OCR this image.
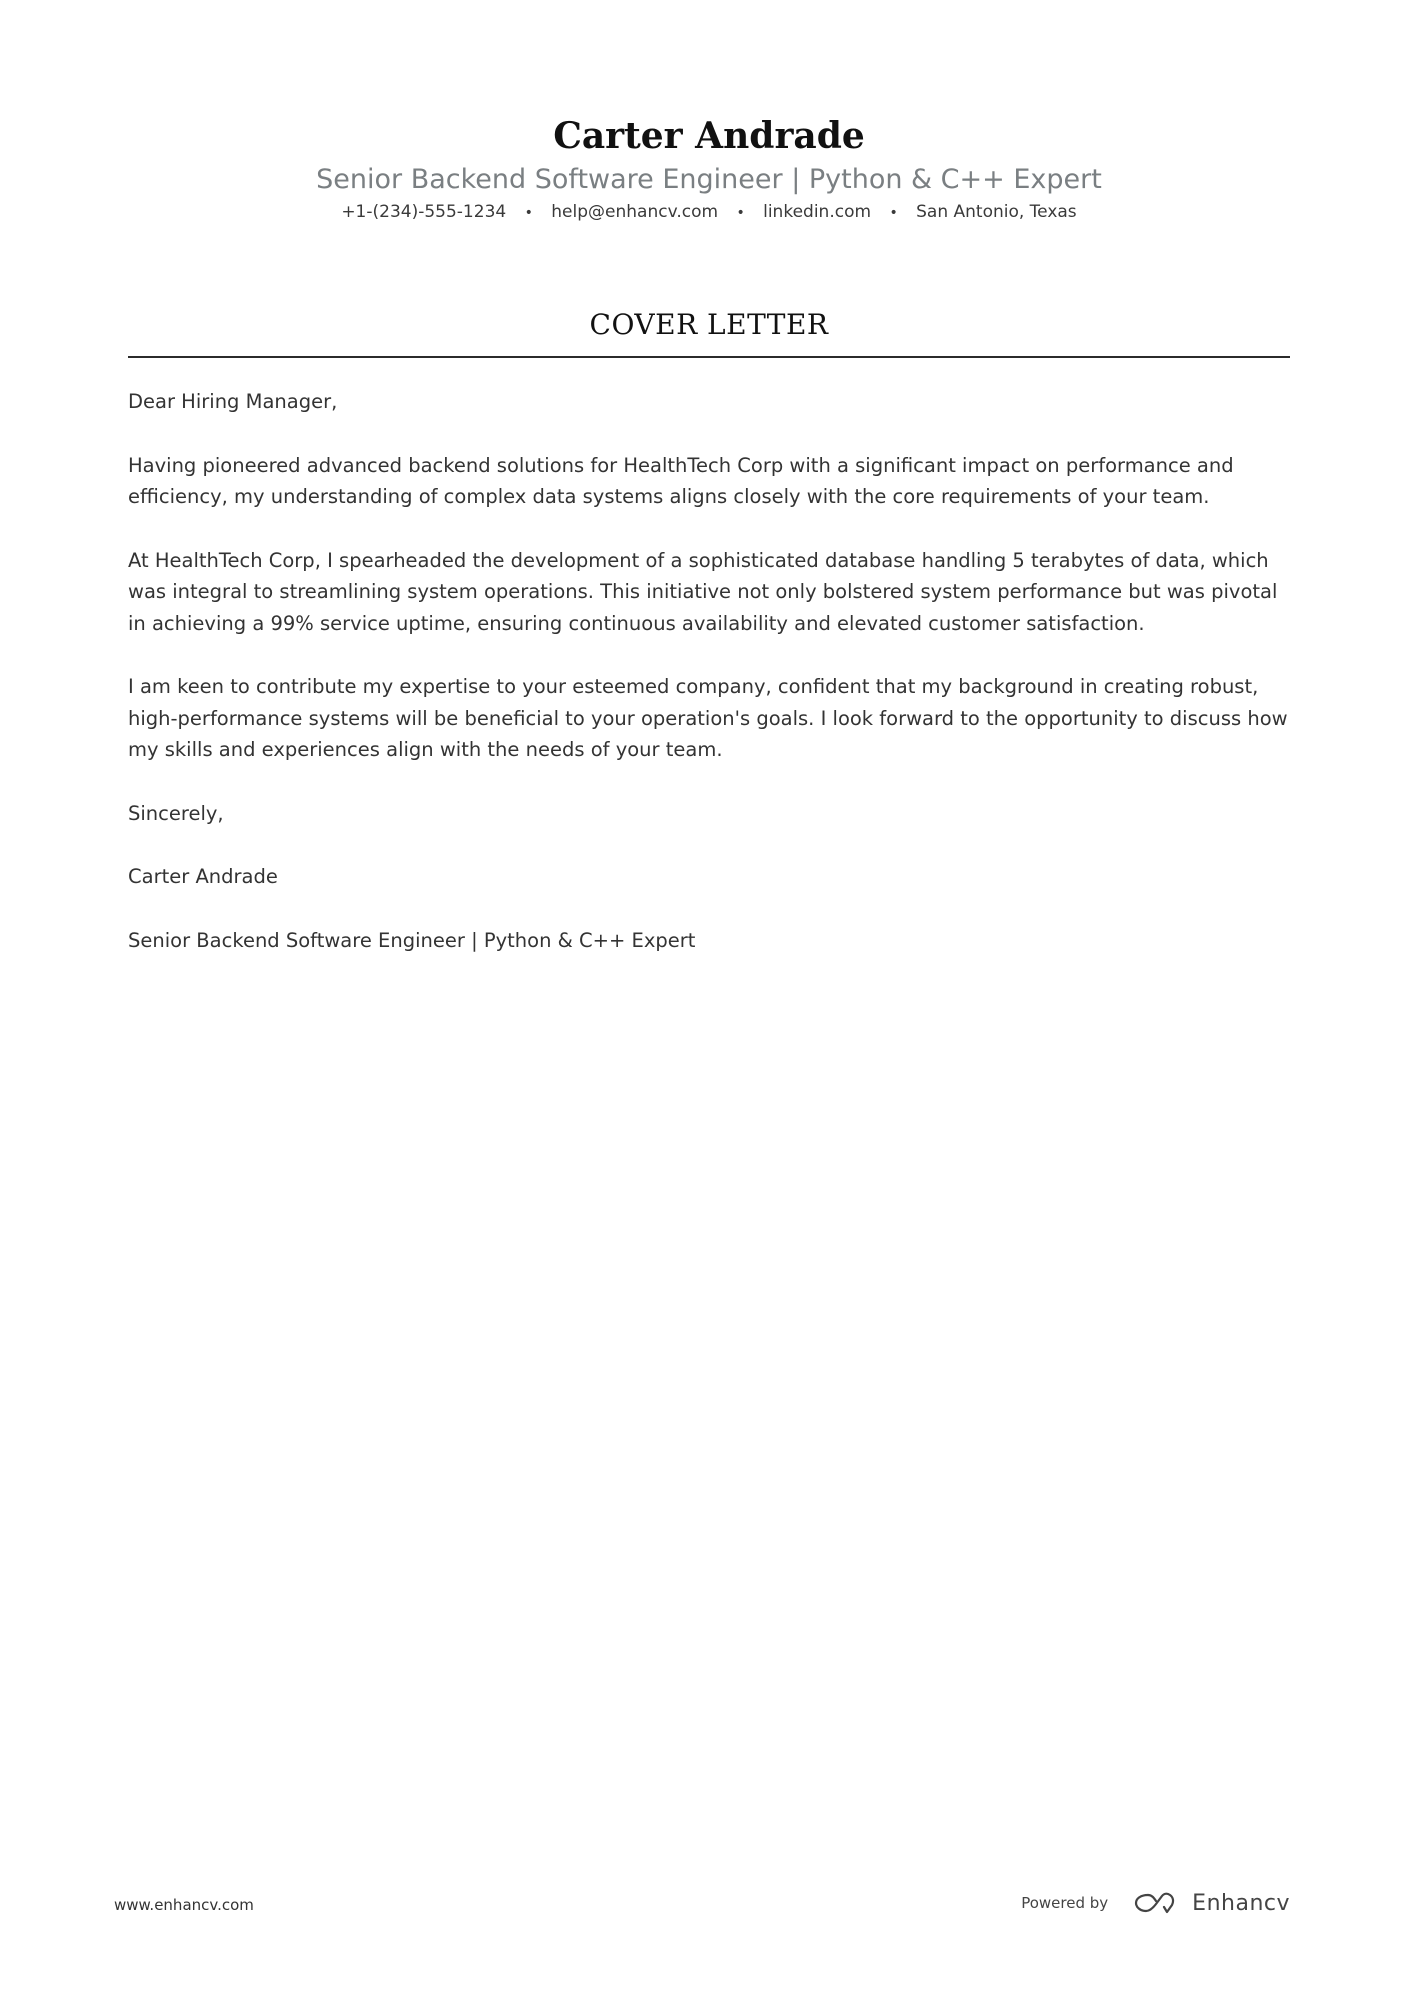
Carter Andrade
Senior Backend Software Engineer | Python & C++ Expert
+1-(234)-555-1234 • help@enhancv.com • linkedin.com • San Antonio, Texas
COVER LETTER

Dear Hiring Manager,

Having pioneered advanced backend solutions for HealthTech Corp with a significant impact on performance and efficiency, my understanding of complex data systems aligns closely with the core requirements of your team.

At HealthTech Corp, I spearheaded the development of a sophisticated database handling 5 terabytes of data, which was integral to streamlining system operations. This initiative not only bolstered system performance but was pivotal in achieving a 99% service uptime, ensuring continuous availability and elevated customer satisfaction.

I am keen to contribute my expertise to your esteemed company, confident that my background in creating robust, high-performance systems will be beneficial to your operation's goals. I look forward to the opportunity to discuss how my skills and experiences align with the needs of your team.

Sincerely,

Carter Andrade

Senior Backend Software Engineer | Python & C++ Expert

www.enhancv.com	Powered by	Enhancv
